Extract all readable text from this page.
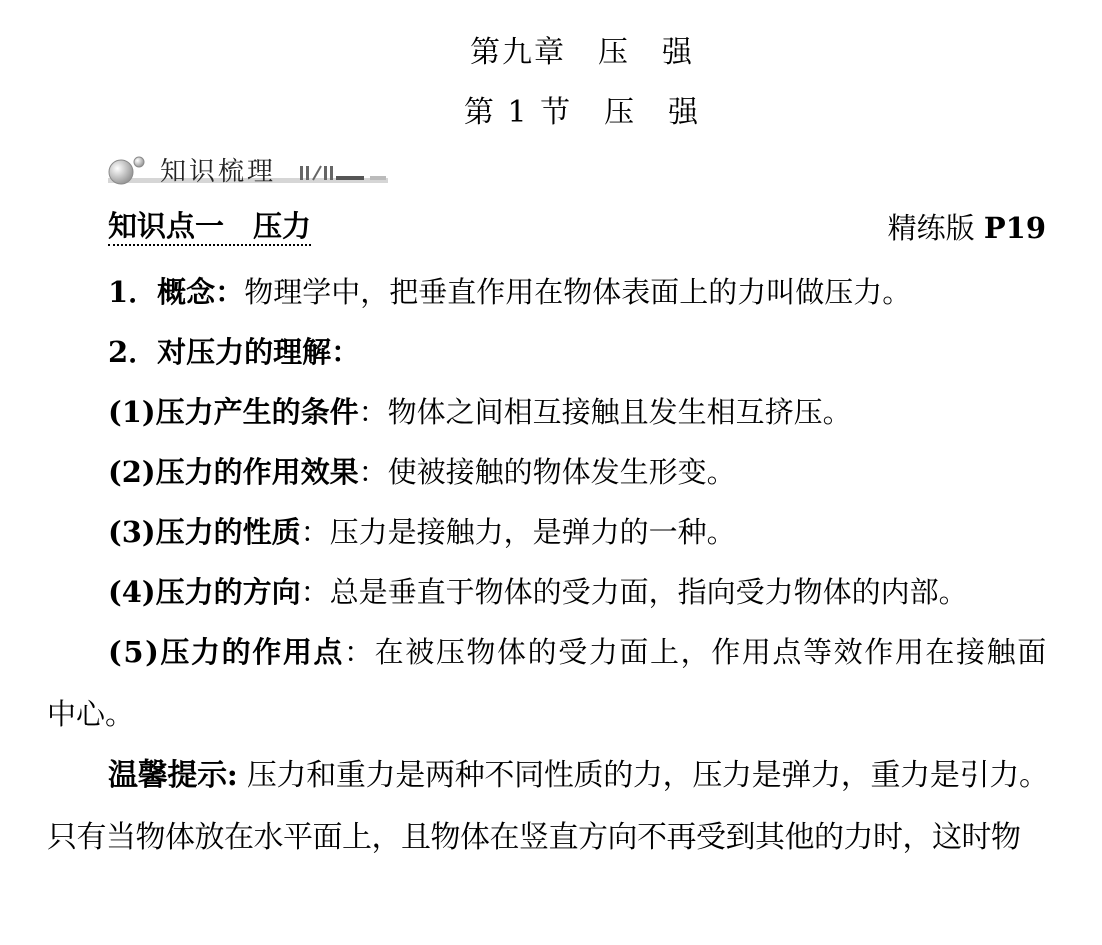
第九章　压　强
第 1 节　压　强
知识梳理
知识点一　压力	精练版 P19
1．概念：物理学中，把垂直作用在物体表面上的力叫做压力。
2．对压力的理解：
(1)压力产生的条件：物体之间相互接触且发生相互挤压。
(2)压力的作用效果：使被接触的物体发生形变。
(3)压力的性质：压力是接触力，是弹力的一种。
(4)压力的方向：总是垂直于物体的受力面，指向受力物体的内部。
(5)压力的作用点：在被压物体的受力面上，作用点等效作用在接触面
中心。
温馨提示: 压力和重力是两种不同性质的力，压力是弹力，重力是引力。
只有当物体放在水平面上，且物体在竖直方向不再受到其他的力时，这时物
